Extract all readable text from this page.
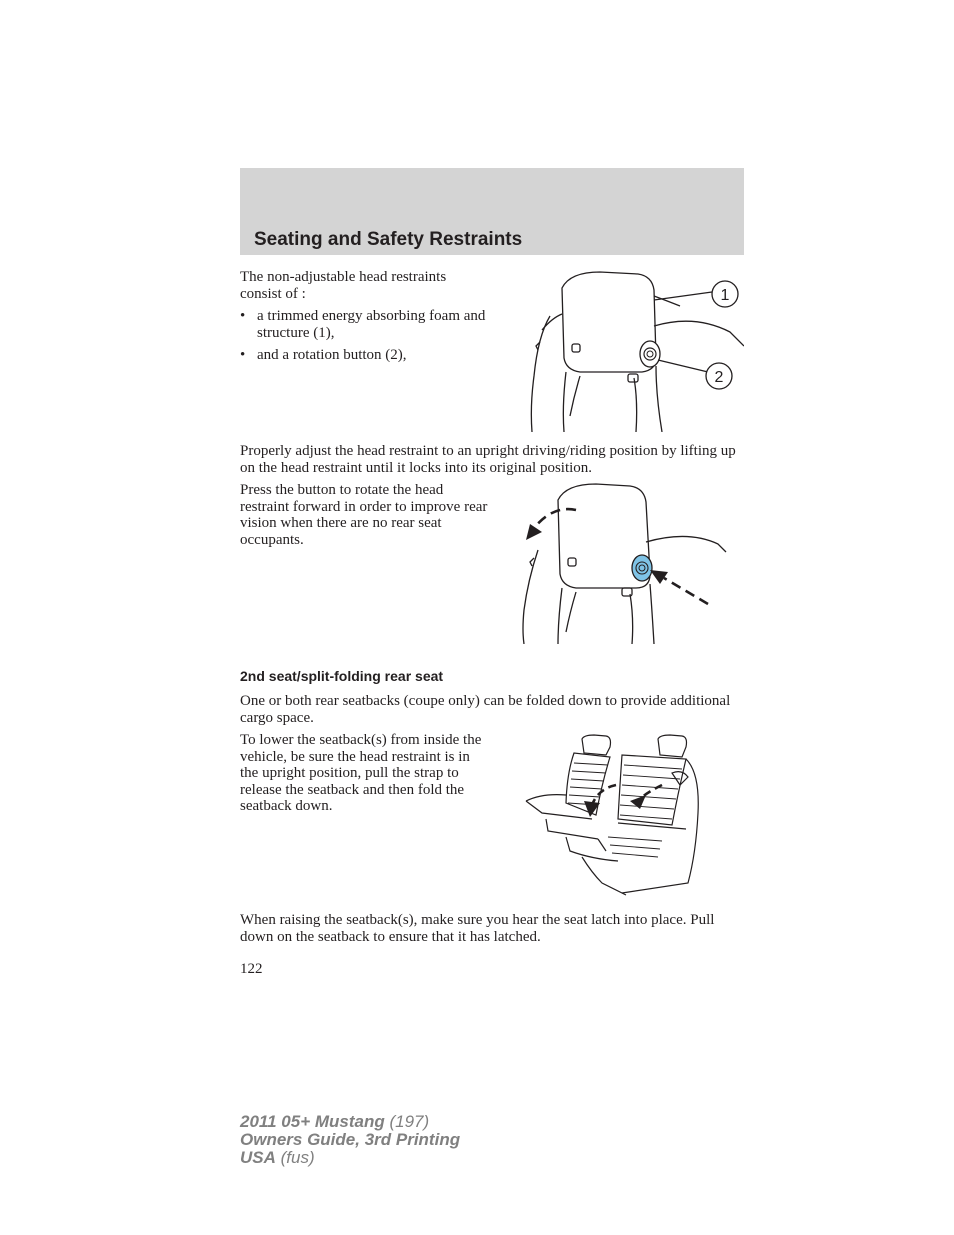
Seating and Safety Restraints

The non-adjustable head restraints consist of :

• a trimmed energy absorbing foam and structure (1),
• and a rotation button (2),
1
2

Properly adjust the head restraint to an upright driving/riding position by lifting up on the head restraint until it locks into its original position.

Press the button to rotate the head restraint forward in order to improve rear vision when there are no rear seat occupants.

2nd seat/split-folding rear seat

One or both rear seatbacks (coupe only) can be folded down to provide additional cargo space.

To lower the seatback(s) from inside the vehicle, be sure the head restraint is in the upright position, pull the strap to release the seatback and then fold the seatback down.

When raising the seatback(s), make sure you hear the seat latch into place. Pull down on the seatback to ensure that it has latched.

122

2011 05+ Mustang (197)
Owners Guide, 3rd Printing
USA (fus)
